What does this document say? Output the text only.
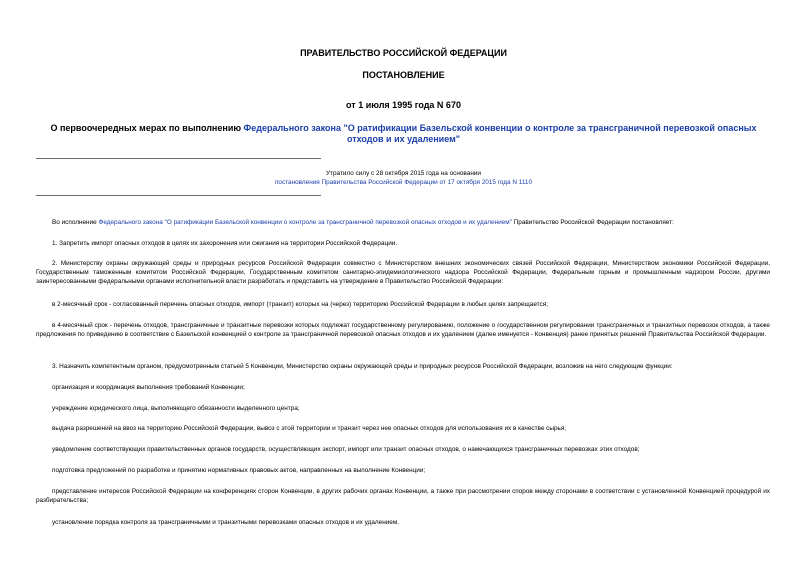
ПРАВИТЕЛЬСТВО РОССИЙСКОЙ ФЕДЕРАЦИИ
ПОСТАНОВЛЕНИЕ
от 1 июля 1995 года N 670
О первоочередных мерах по выполнению Федерального закона "О ратификации Базельской конвенции о контроле за трансграничной перевозкой опасных отходов и их удалением"
Утратило силу с 28 октября 2015 года на основании
постановления Правительства Российской Федерации от 17 октября 2015 года N 1110
Во исполнение Федерального закона "О ратификации Базельской конвенции о контроле за трансграничной перевозкой опасных отходов и их удалением" Правительство Российской Федерации постановляет:
1. Запретить импорт опасных отходов в целях их захоронения или сжигания на территории Российской Федерации.
2. Министерству охраны окружающей среды и природных ресурсов Российской Федерации совместно с Министерством внешних экономических связей Российской Федерации, Министерством экономики Российской Федерации, Государственным таможенным комитетом Российской Федерации, Государственным комитетом санитарно-эпидемиологического надзора Российской Федерации, Федеральным горным и промышленным надзором России, другими заинтересованными федеральными органами исполнительной власти разработать и представить на утверждение в Правительство Российской Федерации:
в 2-месячный срок - согласованный перечень опасных отходов, импорт (транзит) которых на (через) территорию Российской Федерации в любых целях запрещается;
в 4-месячный срок - перечень отходов, трансграничные и транзитные перевозки которых подлежат государственному регулированию, положение о государственном регулировании трансграничных и транзитных перевозок отходов, а также предложения по приведению в соответствие с Базельской конвенцией о контроле за трансграничной перевозкой опасных отходов и их удалением (далее именуется - Конвенция) ранее принятых решений Правительства Российской Федерации.
3. Назначить компетентным органом, предусмотренным статьей 5 Конвенции, Министерство охраны окружающей среды и природных ресурсов Российской Федерации, возложив на него следующие функции:
организация и координация выполнения требований Конвенции;
учреждение юридического лица, выполняющего обязанности выделенного центра;
выдача разрешений на ввоз на территорию Российской Федерации, вывоз с этой территории и транзит через нее опасных отходов для использования их в качестве сырья;
уведомление соответствующих правительственных органов государств, осуществляющих экспорт, импорт или транзит опасных отходов, о намечающихся трансграничных перевозках этих отходов;
подготовка предложений по разработке и принятию нормативных правовых актов, направленных на выполнение Конвенции;
представление интересов Российской Федерации на конференциях сторон Конвенции, в других рабочих органах Конвенции, а также при рассмотрении споров между сторонами в соответствии с установленной Конвенцией процедурой их разбирательства;
установление порядка контроля за трансграничными и транзитными перевозками опасных отходов и их удалением.
